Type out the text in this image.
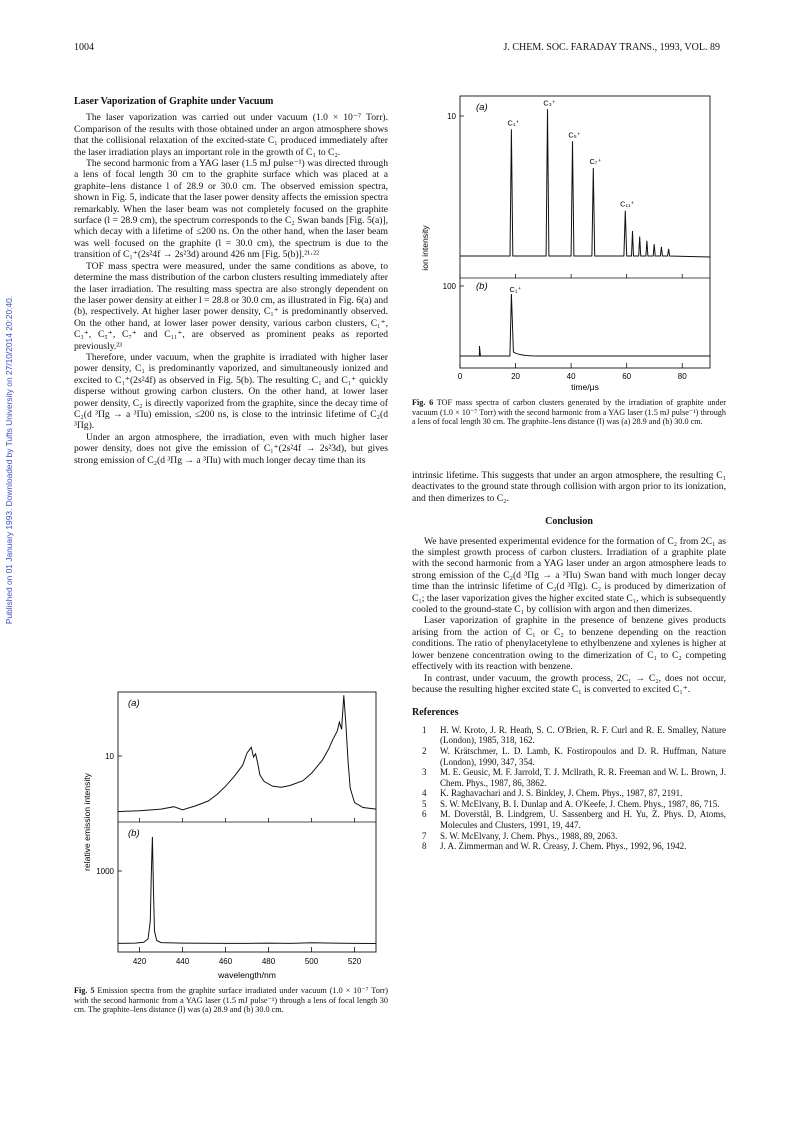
1004	J. CHEM. SOC. FARADAY TRANS., 1993, VOL. 89
Published on 01 January 1993. Downloaded by Tufts University on 27/10/2014 20:20:40.
Laser Vaporization of Graphite under Vacuum

The laser vaporization was carried out under vacuum (1.0 × 10⁻⁷ Torr). Comparison of the results with those obtained under an argon atmosphere shows that the collisional relaxation of the excited-state C₁ produced immediately after the laser irradiation plays an important role in the growth of C₁ to C₂.

The second harmonic from a YAG laser (1.5 mJ pulse⁻¹) was directed through a lens of focal length 30 cm to the graphite surface which was placed at a graphite–lens distance l of 28.9 or 30.0 cm. The observed emission spectra, shown in Fig. 5, indicate that the laser power density affects the emission spectra remarkably. When the laser beam was not completely focused on the graphite surface (l = 28.9 cm), the spectrum corresponds to the C₂ Swan bands [Fig. 5(a)], which decay with a lifetime of ≤200 ns. On the other hand, when the laser beam was well focused on the graphite (l = 30.0 cm), the spectrum is due to the transition of C₁⁺(2s²4f → 2s²3d) around 426 nm [Fig. 5(b)].²¹·²²

TOF mass spectra were measured, under the same conditions as above, to determine the mass distribution of the carbon clusters resulting immediately after the laser irradiation. The resulting mass spectra are also strongly dependent on the laser power density at either l = 28.8 or 30.0 cm, as illustrated in Fig. 6(a) and (b), respectively. At higher laser power density, C₁⁺ is predominantly observed. On the other hand, at lower laser power density, various carbon clusters, C₁⁺, C₃⁺, C₅⁺, C₇⁺ and C₁₁⁺, are observed as prominent peaks as reported previously.²³

Therefore, under vacuum, when the graphite is irradiated with higher laser power density, C₁ is predominantly vaporized, and simultaneously ionized and excited to C₁⁺(2s²4f) as observed in Fig. 5(b). The resulting C₁ and C₁⁺ quickly disperse without growing carbon clusters. On the other hand, at lower laser power density, C₂ is directly vaporized from the graphite, since the decay time of C₂(d ³Πg → a ³Πu) emission, ≤200 ns, is close to the intrinsic lifetime of C₂(d ³Πg).

Under an argon atmosphere, the irradiation, even with much higher laser power density, does not give the emission of C₁⁺(2s²4f → 2s²3d), but gives strong emission of C₂(d ³Πg → a ³Πu) with much longer decay time than its

(a)
(b)
10
1000
relative emission intensity
wavelength/nm
420	440	460	480	500	520
Fig. 5 Emission spectra from the graphite surface irradiated under vacuum (1.0 × 10⁻⁷ Torr) with the second harmonic from a YAG laser (1.5 mJ pulse⁻¹) through a lens of focal length 30 cm. The graphite–lens distance (l) was (a) 28.9 and (b) 30.0 cm.
(a)
(b)
10
100
ion intensity
time/μs
0	20	40	60	80
C₁⁺
C₃⁺
C₅⁺
C₇⁺
C₁₁⁺
C₁⁺
Fig. 6 TOF mass spectra of carbon clusters generated by the irradiation of graphite under vacuum (1.0 × 10⁻⁷ Torr) with the second harmonic from a YAG laser (1.5 mJ pulse⁻¹) through a lens of focal length 30 cm. The graphite–lens distance (l) was (a) 28.9 and (b) 30.0 cm.

intrinsic lifetime. This suggests that under an argon atmosphere, the resulting C₁ deactivates to the ground state through collision with argon prior to its ionization, and then dimerizes to C₂.

Conclusion

We have presented experimental evidence for the formation of C₂ from 2C₁ as the simplest growth process of carbon clusters. Irradiation of a graphite plate with the second harmonic from a YAG laser under an argon atmosphere leads to strong emission of the C₂(d ³Πg → a ³Πu) Swan band with much longer decay time than the intrinsic lifetime of C₂(d ³Πg). C₂ is produced by dimerization of C₁; the laser vaporization gives the higher excited state C₁, which is subsequently cooled to the ground-state C₁ by collision with argon and then dimerizes.

Laser vaporization of graphite in the presence of benzene gives products arising from the action of C₁ or C₂ to benzene depending on the reaction conditions. The ratio of phenylacetylene to ethylbenzene and xylenes is higher at lower benzene concentration owing to the dimerization of C₁ to C₂ competing effectively with its reaction with benzene.

In contrast, under vacuum, the growth process, 2C₁ → C₂, does not occur, because the resulting higher excited state C₁ is converted to excited C₁⁺.

References
1	H. W. Kroto, J. R. Heath, S. C. O'Brien, R. F. Curl and R. E. Smalley, Nature (London), 1985, 318, 162.
2	W. Krätschmer, L. D. Lamb, K. Fostiropoulos and D. R. Huffman, Nature (London), 1990, 347, 354.
3	M. E. Geusic, M. F. Jarrold, T. J. Mcllrath, R. R. Freeman and W. L. Brown, J. Chem. Phys., 1987, 86, 3862.
4	K. Raghavachari and J. S. Binkley, J. Chem. Phys., 1987, 87, 2191.
5	S. W. McElvany, B. I. Dunlap and A. O'Keefe, J. Chem. Phys., 1987, 86, 715.
6	M. Doverstål, B. Lindgrem, U. Sassenberg and H. Yu, Z. Phys. D, Atoms, Molecules and Clusters, 1991, 19, 447.
7	S. W. McElvany, J. Chem. Phys., 1988, 89, 2063.
8	J. A. Zimmerman and W. R. Creasy, J. Chem. Phys., 1992, 96, 1942.
